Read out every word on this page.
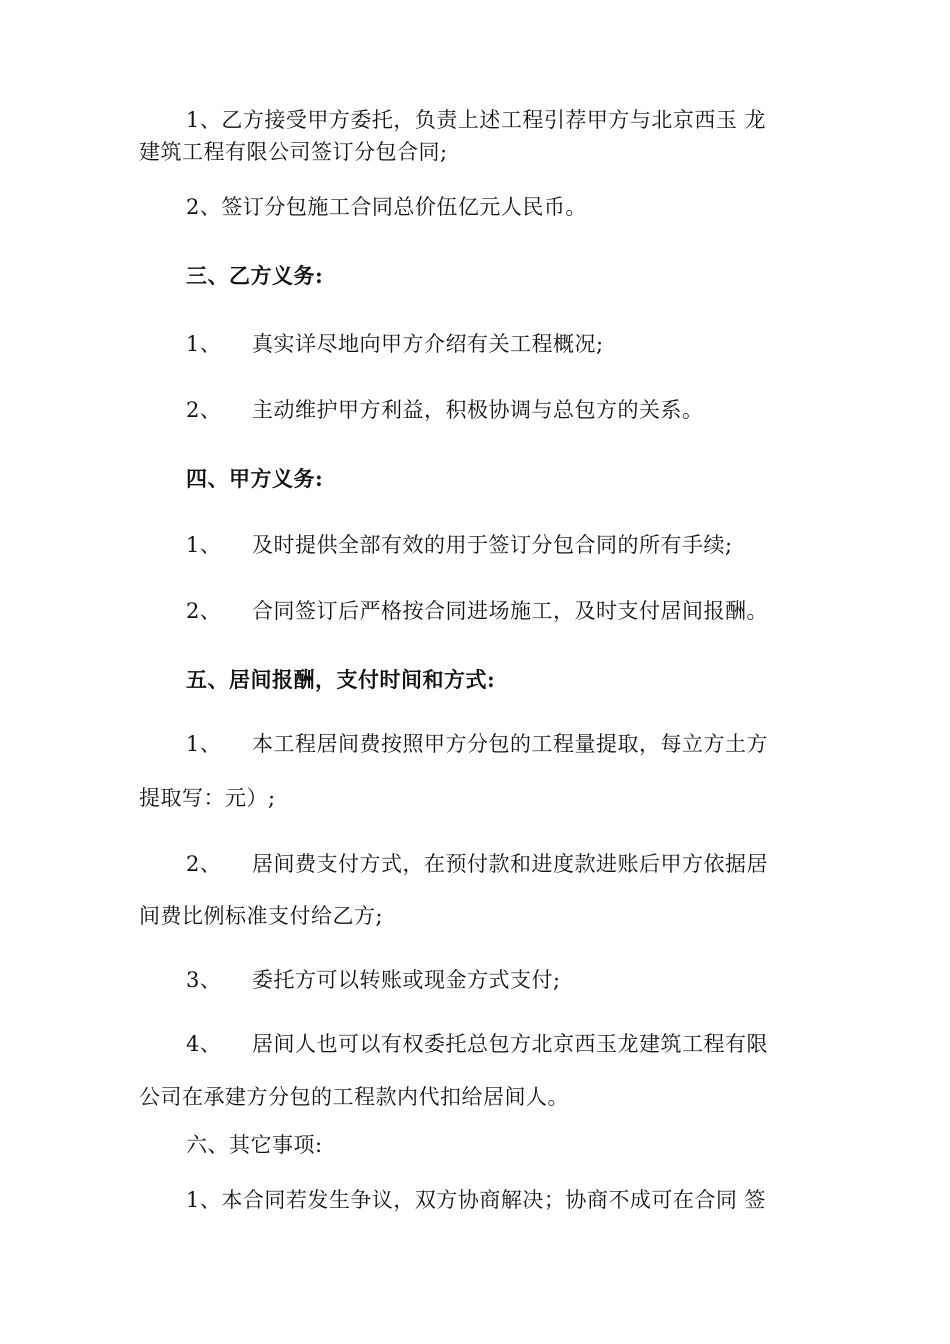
1、乙方接受甲方委托，负责上述工程引荐甲方与北京西玉 龙
建筑工程有限公司签订分包合同;
2、签订分包施工合同总价伍亿元人民币。
三、乙方义务:
1、 真实详尽地向甲方介绍有关工程概况;
2、 主动维护甲方利益，积极协调与总包方的关系。
四、甲方义务:
1、 及时提供全部有效的用于签订分包合同的所有手续;
2、 合同签订后严格按合同进场施工，及时支付居间报酬。
五、居间报酬，支付时间和方式:
1、 本工程居间费按照甲方分包的工程量提取，每立方土方
提取写：元）;
2、 居间费支付方式，在预付款和进度款进账后甲方依据居
间费比例标准支付给乙方;
3、 委托方可以转账或现金方式支付;
4、 居间人也可以有权委托总包方北京西玉龙建筑工程有限
公司在承建方分包的工程款内代扣给居间人。
六、其它事项:
1、本合同若发生争议，双方协商解决；协商不成可在合同 签
